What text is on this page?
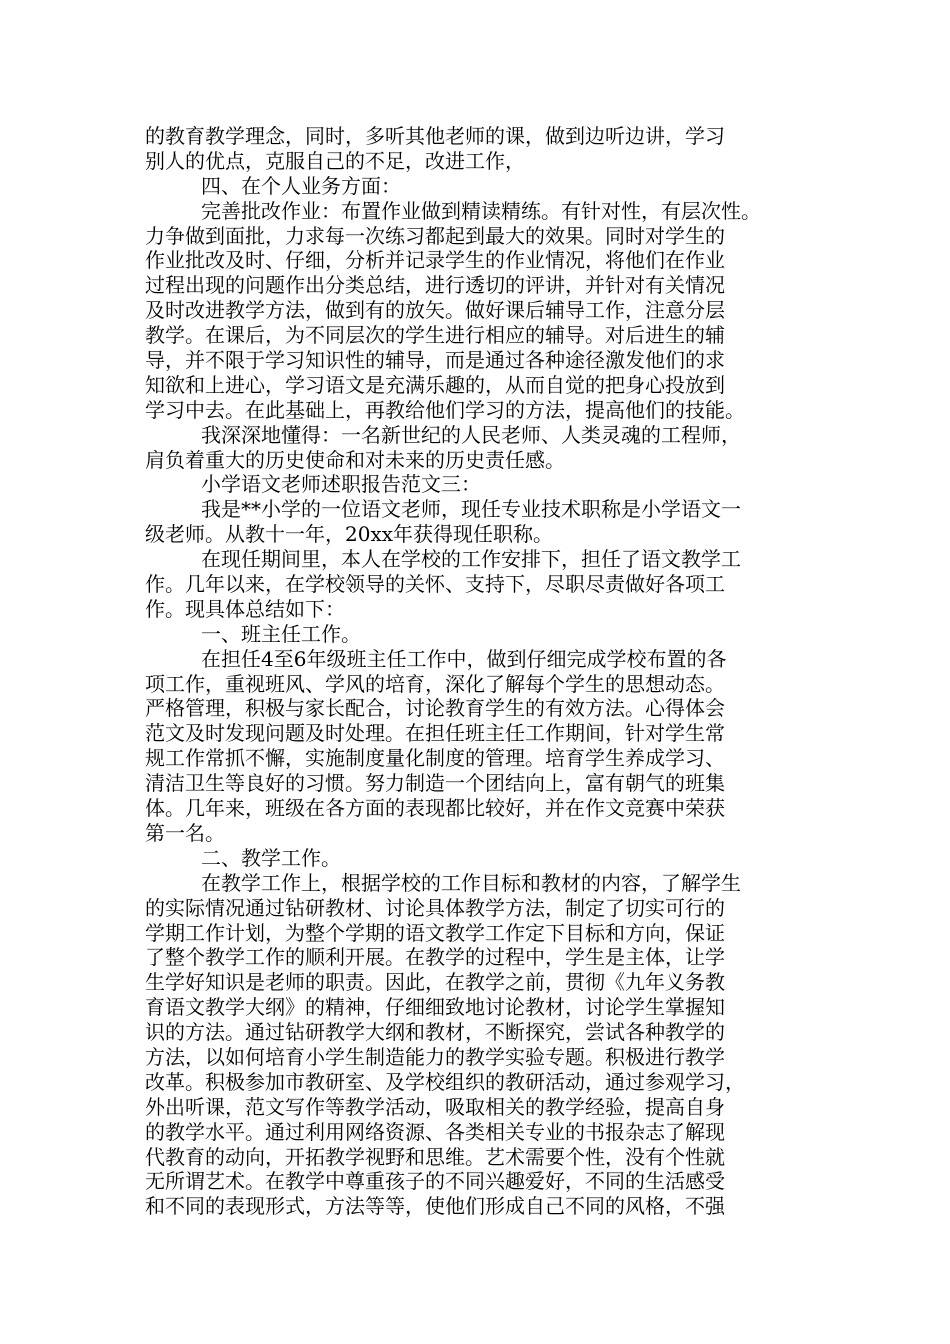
的教育教学理念，同时，多听其他老师的课，做到边听边讲，学习
别人的优点，克服自己的不足，改进工作，
四、在个人业务方面：
完善批改作业：布置作业做到精读精练。有针对性，有层次性。
力争做到面批，力求每一次练习都起到最大的效果。同时对学生的
作业批改及时、仔细，分析并记录学生的作业情况，将他们在作业
过程出现的问题作出分类总结，进行透切的评讲，并针对有关情况
及时改进教学方法，做到有的放矢。做好课后辅导工作，注意分层
教学。在课后，为不同层次的学生进行相应的辅导。对后进生的辅
导，并不限于学习知识性的辅导，而是通过各种途径激发他们的求
知欲和上进心，学习语文是充满乐趣的，从而自觉的把身心投放到
学习中去。在此基础上，再教给他们学习的方法，提高他们的技能。
我深深地懂得：一名新世纪的人民老师、人类灵魂的工程师，
肩负着重大的历史使命和对未来的历史责任感。
小学语文老师述职报告范文三：
我是**小学的一位语文老师，现任专业技术职称是小学语文一
级老师。从教十一年，20xx年获得现任职称。
在现任期间里，本人在学校的工作安排下，担任了语文教学工
作。几年以来，在学校领导的关怀、支持下，尽职尽责做好各项工
作。现具体总结如下：
一、班主任工作。
在担任4至6年级班主任工作中，做到仔细完成学校布置的各
项工作，重视班风、学风的培育，深化了解每个学生的思想动态。
严格管理，积极与家长配合，讨论教育学生的有效方法。心得体会
范文及时发现问题及时处理。在担任班主任工作期间，针对学生常
规工作常抓不懈，实施制度量化制度的管理。培育学生养成学习、
清洁卫生等良好的习惯。努力制造一个团结向上，富有朝气的班集
体。几年来，班级在各方面的表现都比较好，并在作文竞赛中荣获
第一名。
二、教学工作。
在教学工作上，根据学校的工作目标和教材的内容，了解学生
的实际情况通过钻研教材、讨论具体教学方法，制定了切实可行的
学期工作计划，为整个学期的语文教学工作定下目标和方向，保证
了整个教学工作的顺利开展。在教学的过程中，学生是主体，让学
生学好知识是老师的职责。因此，在教学之前，贯彻《九年义务教
育语文教学大纲》的精神，仔细细致地讨论教材，讨论学生掌握知
识的方法。通过钻研教学大纲和教材，不断探究，尝试各种教学的
方法，以如何培育小学生制造能力的教学实验专题。积极进行教学
改革。积极参加市教研室、及学校组织的教研活动，通过参观学习，
外出听课，范文写作等教学活动，吸取相关的教学经验，提高自身
的教学水平。通过利用网络资源、各类相关专业的书报杂志了解现
代教育的动向，开拓教学视野和思维。艺术需要个性，没有个性就
无所谓艺术。在教学中尊重孩子的不同兴趣爱好，不同的生活感受
和不同的表现形式，方法等等，使他们形成自己不同的风格，不强
